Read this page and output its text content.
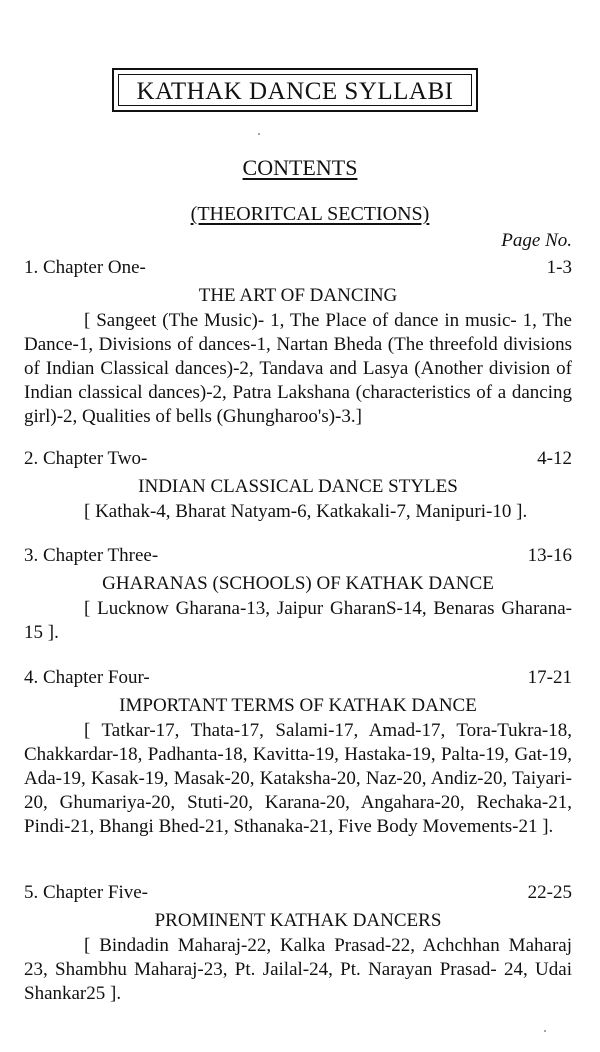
KATHAK DANCE SYLLABI
CONTENTS
(THEORITCAL SECTIONS)
Page No.
1. Chapter One-	1-3
THE ART OF DANCING
[ Sangeet (The Music)- 1, The Place of dance in music- 1, The Dance-1, Divisions of dances-1, Nartan Bheda (The threefold divisions of Indian Classical dances)-2, Tandava and Lasya (Another division of Indian classical dances)-2, Patra Lakshana (characteristics of a dancing girl)-2, Qualities of bells (Ghungharoo's)-3.]
2. Chapter Two-	4-12
INDIAN CLASSICAL DANCE STYLES
[ Kathak-4, Bharat Natyam-6, Katkakali-7, Manipuri-10 ].
3. Chapter Three-	13-16
GHARANAS (SCHOOLS) OF KATHAK DANCE
[ Lucknow Gharana-13, Jaipur GharanS-14, Benaras Gharana-15 ].
4. Chapter Four-	17-21
IMPORTANT TERMS OF KATHAK DANCE
[ Tatkar-17, Thata-17, Salami-17, Amad-17, Tora-Tukra-18, Chakkardar-18, Padhanta-18, Kavitta-19, Hastaka-19, Palta-19, Gat-19, Ada-19, Kasak-19, Masak-20, Kataksha-20, Naz-20, Andiz-20, Taiyari-20, Ghumariya-20, Stuti-20, Karana-20, Angahara-20, Rechaka-21, Pindi-21, Bhangi Bhed-21, Sthanaka-21, Five Body Movements-21 ].
5. Chapter Five-	22-25
PROMINENT KATHAK DANCERS
[ Bindadin Maharaj-22, Kalka Prasad-22, Achchhan Maharaj 23, Shambhu Maharaj-23, Pt. Jailal-24, Pt. Narayan Prasad- 24, Udai Shankar25 ].
